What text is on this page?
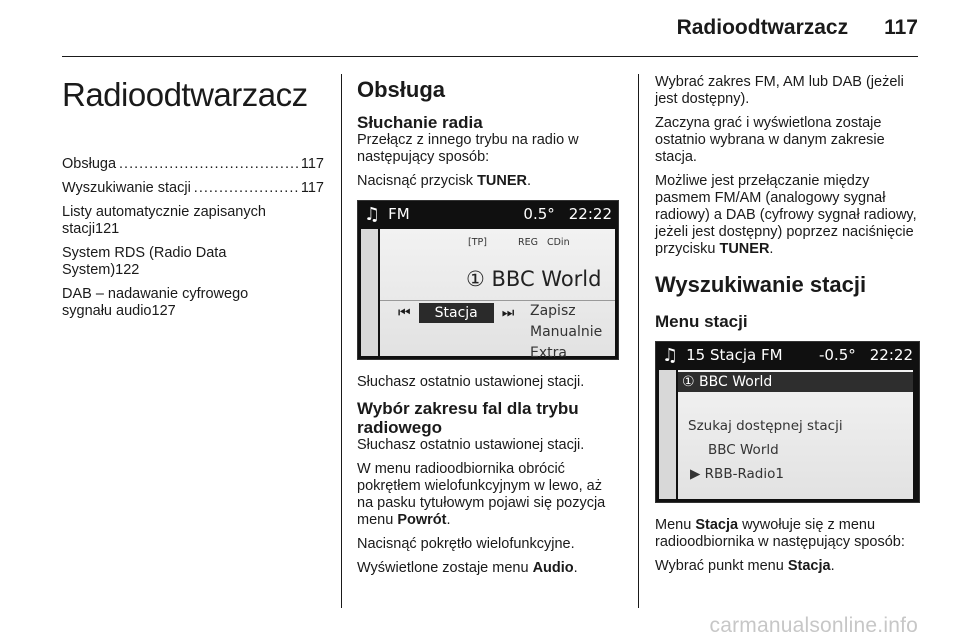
Radioodtwarzacz 117
Radioodtwarzacz
Obsługa .....	117
Wyszukiwanie stacji .....	117
Listy automatycznie zapisanych
stacji 121
System RDS (Radio Data
System) 122
DAB – nadawanie cyfrowego
sygnału audio 127
Obsługa
Słuchanie radia

Przełącz z innego trybu na radio w następujący sposób:

Nacisnąć przycisk TUNER.

♫ FM	0.5° 22:22
[TP]	REG CDin
① BBC World
⏮	Stacja	⏭ Zapisz
Manualnie
Extra

Słuchasz ostatnio ustawionej stacji.

Wybór zakresu fal dla trybu radiowego

Słuchasz ostatnio ustawionej stacji.

W menu radioodbiornika obrócić pokrętłem wielofunkcyjnym w lewo, aż na pasku tytułowym pojawi się pozycja menu Powrót.

Nacisnąć pokrętło wielofunkcyjne.

Wyświetlone zostaje menu Audio.

Wybrać zakres FM, AM lub DAB (jeżeli jest dostępny).

Zaczyna grać i wyświetlona zostaje ostatnio wybrana w danym zakresie stacja.

Możliwe jest przełączanie między pasmem FM/AM (analogowy sygnał radiowy) a DAB (cyfrowy sygnał radiowy, jeżeli jest dostępny) poprzez naciśnięcie przycisku TUNER.

Wyszukiwanie stacji
Menu stacji
♫ 15 Stacja FM -0.5° 22:22
① BBC World
Szukaj dostępnej stacji
BBC World
▶ RBB-Radio1

Menu Stacja wywołuje się z menu radioodbiornika w następujący sposób:

Wybrać punkt menu Stacja.

carmanualsonline.info
